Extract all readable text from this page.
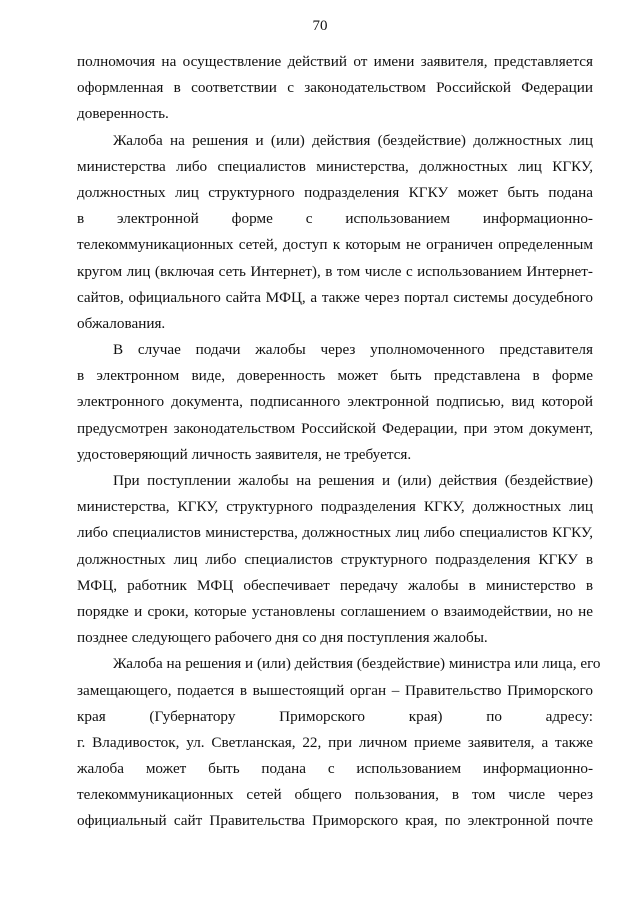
70
полномочия на осуществление действий от имени заявителя, представляется
оформленная в соответствии с законодательством Российской Федерации
доверенность.
Жалоба на решения и (или) действия (бездействие) должностных лиц
министерства либо специалистов министерства, должностных лиц КГКУ,
должностных лиц структурного подразделения КГКУ может быть подана
в электронной форме с использованием информационно-
телекоммуникационных сетей, доступ к которым не ограничен определенным
кругом лиц (включая сеть Интернет), в том числе с использованием Интернет-
сайтов, официального сайта МФЦ, а также через портал системы досудебного
обжалования.
В случае подачи жалобы через уполномоченного представителя
в электронном виде, доверенность может быть представлена в форме
электронного документа, подписанного электронной подписью, вид которой
предусмотрен законодательством Российской Федерации, при этом документ,
удостоверяющий личность заявителя, не требуется.
При поступлении жалобы на решения и (или) действия (бездействие)
министерства, КГКУ, структурного подразделения КГКУ, должностных лиц
либо специалистов министерства, должностных лиц либо специалистов КГКУ,
должностных лиц либо специалистов структурного подразделения КГКУ в
МФЦ, работник МФЦ обеспечивает передачу жалобы в министерство в
порядке и сроки, которые установлены соглашением о взаимодействии, но не
позднее следующего рабочего дня со дня поступления жалобы.
Жалоба на решения и (или) действия (бездействие) министра или лица, его
замещающего, подается в вышестоящий орган – Правительство Приморского
края (Губернатору Приморского края) по адресу:
г. Владивосток, ул. Светланская, 22, при личном приеме заявителя, а также
жалоба может быть подана с использованием информационно-
телекоммуникационных сетей общего пользования, в том числе через
официальный сайт Правительства Приморского края, по электронной почте
